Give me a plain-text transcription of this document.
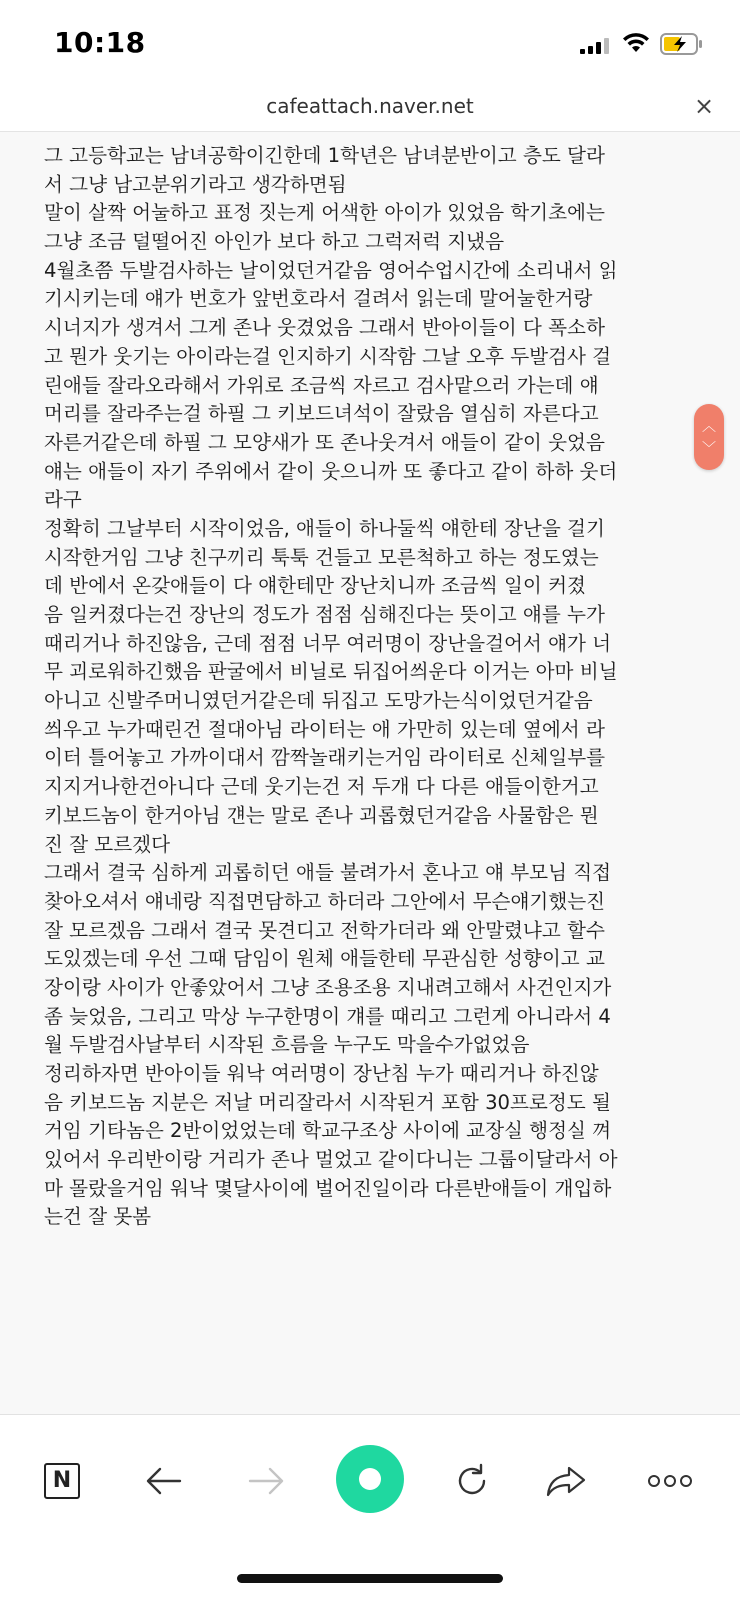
10:18
cafeattach.naver.net	×
그 고등학교는 남녀공학이긴한데 1학년은 남녀분반이고 층도 달라
서 그냥 남고분위기라고 생각하면됨
말이 살짝 어눌하고 표정 짓는게 어색한 아이가 있었음 학기초에는
그냥 조금 덜떨어진 아인가 보다 하고 그럭저럭 지냈음
4월초쯤 두발검사하는 날이었던거같음 영어수업시간에 소리내서 읽
기시키는데 얘가 번호가 앞번호라서 걸려서 읽는데 말어눌한거랑
시너지가 생겨서 그게 존나 웃겼었음 그래서 반아이들이 다 폭소하
고 뭔가 웃기는 아이라는걸 인지하기 시작함 그날 오후 두발검사 걸
린애들 잘라오라해서 가위로 조금씩 자르고 검사맡으러 가는데 얘
머리를 잘라주는걸 하필 그 키보드녀석이 잘랐음 열심히 자른다고
자른거같은데 하필 그 모양새가 또 존나웃겨서 애들이 같이 웃었음
얘는 애들이 자기 주위에서 같이 웃으니까 또 좋다고 같이 하하 웃더
라구
정확히 그날부터 시작이었음, 애들이 하나둘씩 얘한테 장난을 걸기
시작한거임 그냥 친구끼리 툭툭 건들고 모른척하고 하는 정도였는
데 반에서 온갖애들이 다 얘한테만 장난치니까 조금씩 일이 커졌
음 일커졌다는건 장난의 정도가 점점 심해진다는 뜻이고 얘를 누가
때리거나 하진않음, 근데 점점 너무 여러명이 장난을걸어서 얘가 너
무 괴로워하긴했음 판굴에서 비닐로 뒤집어씌운다 이거는 아마 비닐
아니고 신발주머니였던거같은데 뒤집고 도망가는식이었던거같음
씌우고 누가때린건 절대아님 라이터는 애 가만히 있는데 옆에서 라
이터 틀어놓고 가까이대서 깜짝놀래키는거임 라이터로 신체일부를
지지거나한건아니다 근데 웃기는건 저 두개 다 다른 애들이한거고
키보드놈이 한거아님 걘는 말로 존나 괴롭혔던거같음 사물함은 뭔
진 잘 모르겠다
그래서 결국 심하게 괴롭히던 애들 불려가서 혼나고 얘 부모님 직접
찾아오셔서 얘네랑 직접면담하고 하더라 그안에서 무슨얘기했는진
잘 모르겠음 그래서 결국 못견디고 전학가더라 왜 안말렸냐고 할수
도있겠는데 우선 그때 담임이 원체 애들한테 무관심한 성향이고 교
장이랑 사이가 안좋았어서 그냥 조용조용 지내려고해서 사건인지가
좀 늦었음, 그리고 막상 누구한명이 걔를 때리고 그런게 아니라서 4
월 두발검사날부터 시작된 흐름을 누구도 막을수가없었음
정리하자면 반아이들 워낙 여러명이 장난침 누가 때리거나 하진않
음 키보드놈 지분은 저날 머리잘라서 시작된거 포함 30프로정도 될
거임 기타놈은 2반이었었는데 학교구조상 사이에 교장실 행정실 껴
있어서 우리반이랑 거리가 존나 멀었고 같이다니는 그룹이달라서 아
마 몰랐을거임 워낙 몇달사이에 벌어진일이라 다른반애들이 개입하
는건 잘 못봄
︿
﹀
N
